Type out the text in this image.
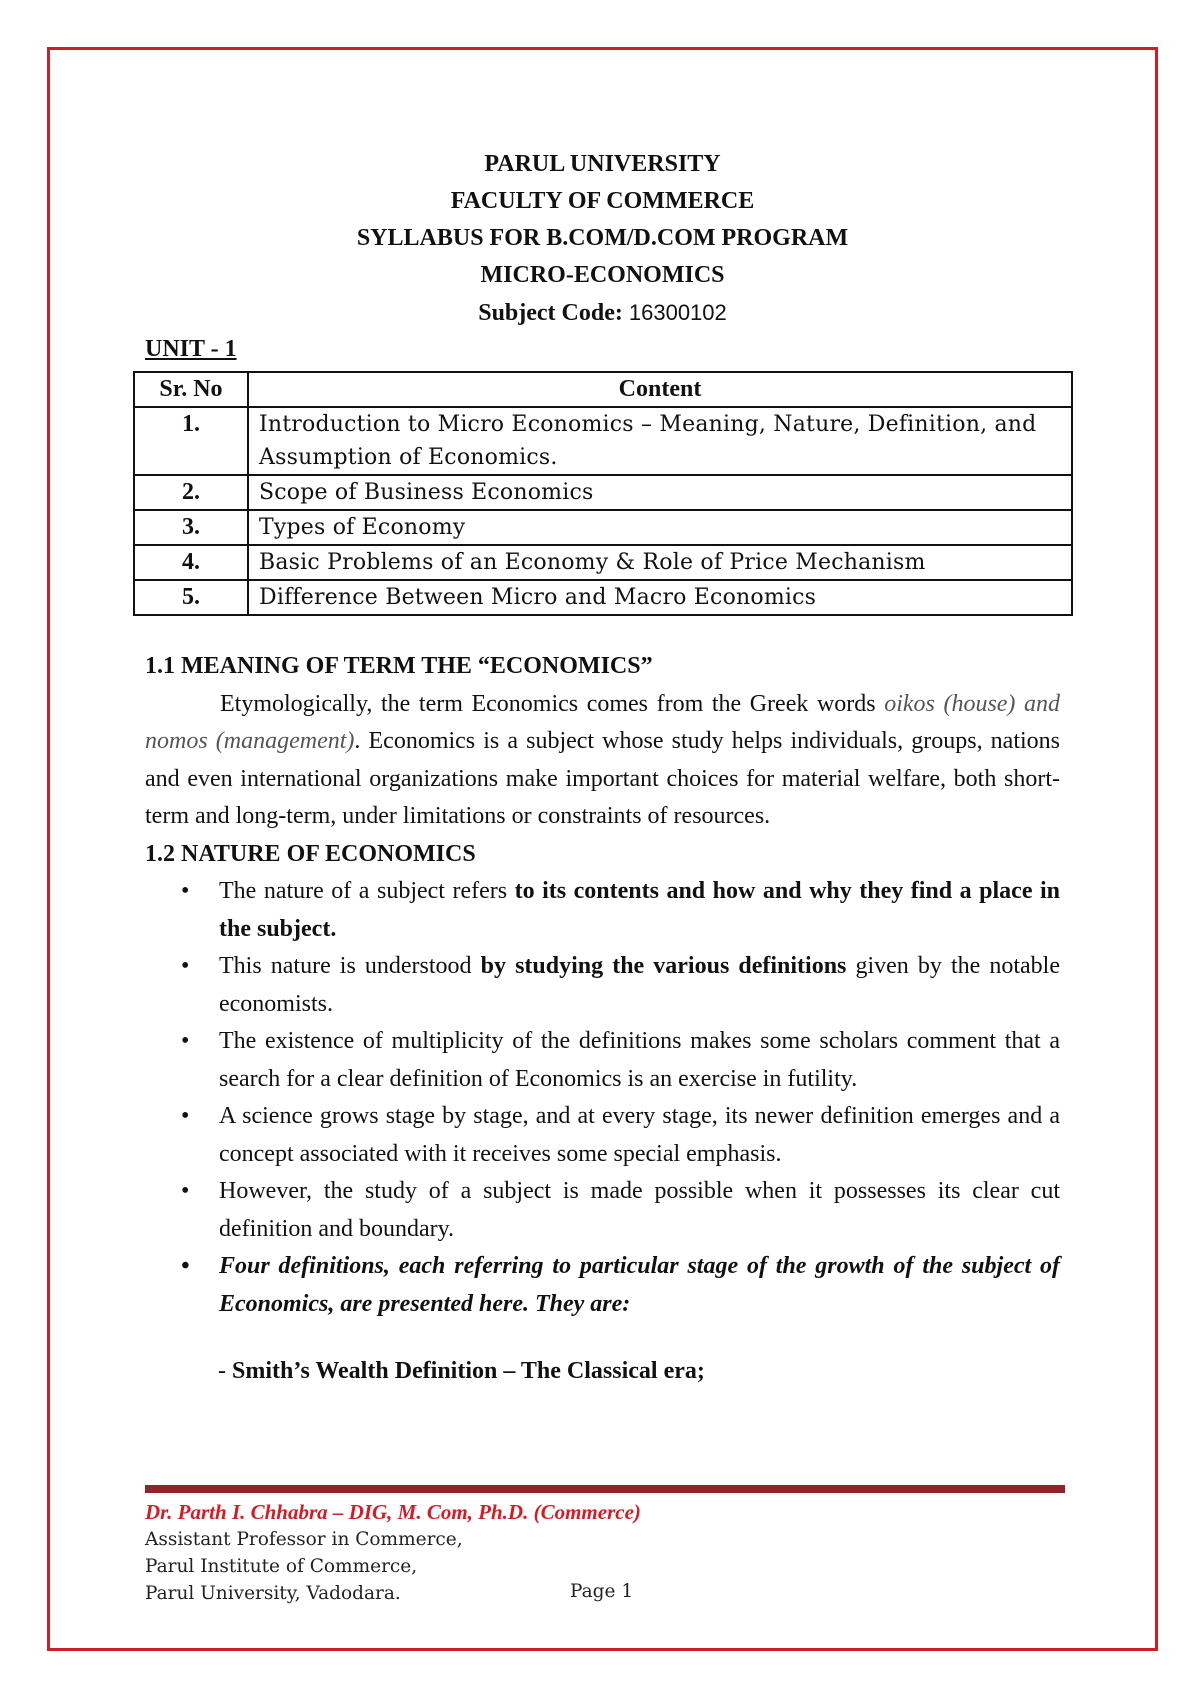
PARUL UNIVERSITY

FACULTY OF COMMERCE

SYLLABUS FOR B.COM/D.COM PROGRAM

MICRO-ECONOMICS

Subject Code: 16300102

UNIT - 1
Sr. No	Content
1.	Introduction to Micro Economics – Meaning, Nature, Definition, and Assumption of Economics.
2.	Scope of Business Economics
3.	Types of Economy
4.	Basic Problems of an Economy & Role of Price Mechanism
5.	Difference Between Micro and Macro Economics

1.1 MEANING OF TERM THE “ECONOMICS”

Etymologically, the term Economics comes from the Greek words oikos (house) and nomos (management). Economics is a subject whose study helps individuals, groups, nations and even international organizations make important choices for material welfare, both short-term and long-term, under limitations or constraints of resources.

1.2 NATURE OF ECONOMICS

• The nature of a subject refers to its contents and how and why they find a place in the subject.
• This nature is understood by studying the various definitions given by the notable economists.
• The existence of multiplicity of the definitions makes some scholars comment that a search for a clear definition of Economics is an exercise in futility.
• A science grows stage by stage, and at every stage, its newer definition emerges and a concept associated with it receives some special emphasis.
• However, the study of a subject is made possible when it possesses its clear cut definition and boundary.
• Four definitions, each referring to particular stage of the growth of the subject of Economics, are presented here. They are:
- Smith’s Wealth Definition – The Classical era;
Dr. Parth I. Chhabra – DIG, M. Com, Ph.D. (Commerce)
Assistant Professor in Commerce,
Parul Institute of Commerce,
Parul University, Vadodara.	Page 1
